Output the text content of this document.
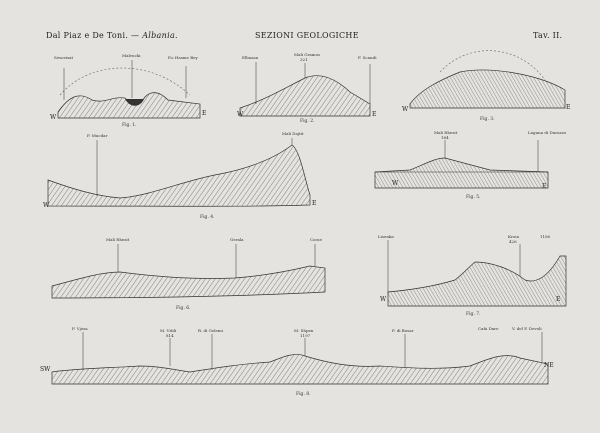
Dal Piaz e De Toni. — Albania.	SEZIONI GEOLOGICHE	Tav. II.
Sesovisat	Malvucki	P.o Hasme Bey
W
E
Fig. 1.
Elbasan
Mali Gramos
321	F. Scandi
W	E
Fig. 2.
W	E
Fig. 3.
F. Mucdar	Mali Dajtit
W	E
Fig. 4.
Mali Rhezit
184
Laguna di Durazzo
W	E
Fig. 5.
Mali Rhezit	Gerala	Cosse
Fig. 6.
Lisenka	Kroia
426
1180
W	E
Fig. 7.
F. Vjosa	M. Vitili
814
R. di Golemi	M. Shpen
1197
F. di Bosar	Cafa Dare	V. del F. Devoli
SW
NE
Fig. 8.
